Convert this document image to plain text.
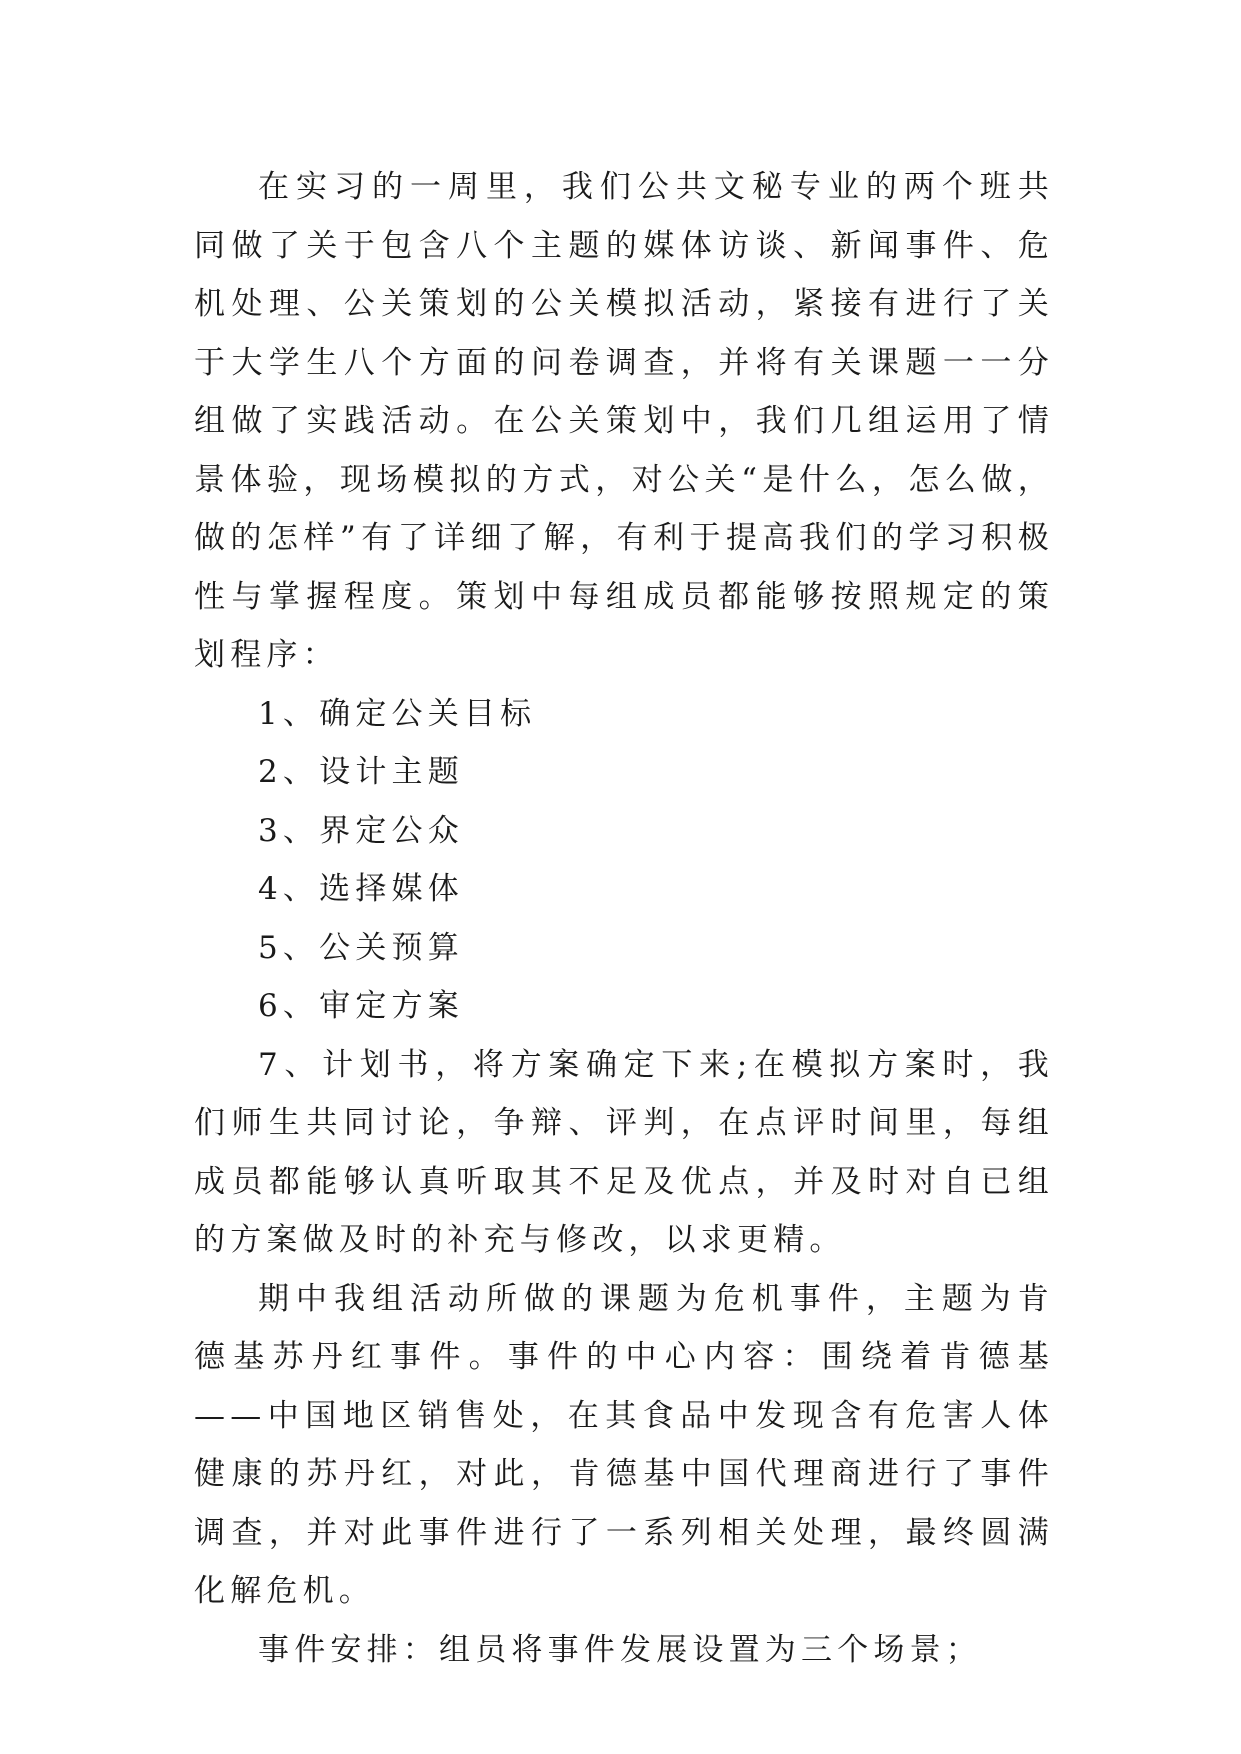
在实习的一周里，我们公共文秘专业的两个班共同做了关于包含八个主题的媒体访谈、新闻事件、危机处理、公关策划的公关模拟活动，紧接有进行了关于大学生八个方面的问卷调查，并将有关课题一一分组做了实践活动。在公关策划中，我们几组运用了情景体验，现场模拟的方式，对公关“是什么，怎么做，做的怎样”有了详细了解，有利于提高我们的学习积极性与掌握程度。策划中每组成员都能够按照规定的策划程序：

1、确定公关目标

2、设计主题

3、界定公众

4、选择媒体

5、公关预算

6、审定方案

7、计划书，将方案确定下来;在模拟方案时，我们师生共同讨论，争辩、评判，在点评时间里，每组成员都能够认真听取其不足及优点，并及时对自已组的方案做及时的补充与修改，以求更精。

期中我组活动所做的课题为危机事件，主题为肯德基苏丹红事件。事件的中心内容：围绕着肯德基——中国地区销售处，在其食品中发现含有危害人体健康的苏丹红，对此，肯德基中国代理商进行了事件调查，并对此事件进行了一系列相关处理，最终圆满化解危机。

事件安排：组员将事件发展设置为三个场景；
